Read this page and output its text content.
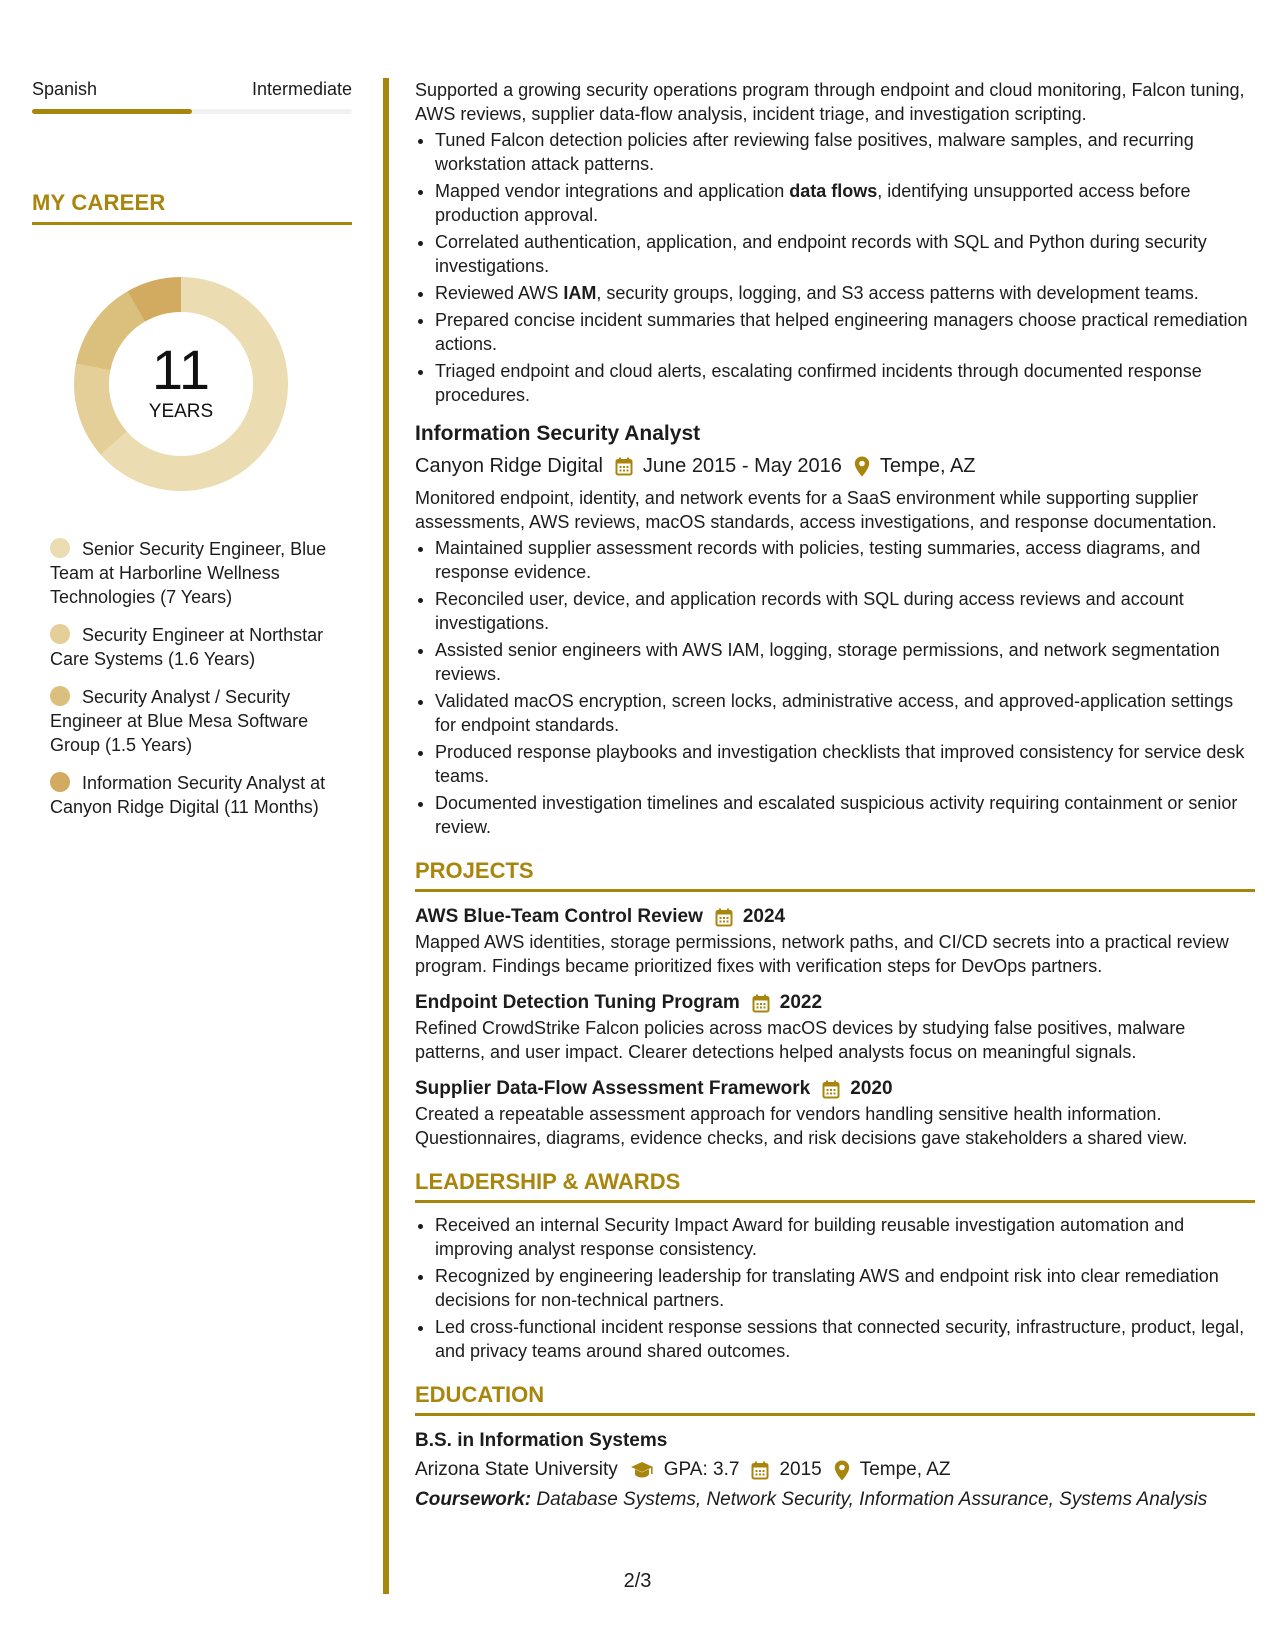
Spanish	Intermediate
MY CAREER
11
YEARS
Senior Security Engineer, Blue Team at Harborline Wellness Technologies (7 Years)
Security Engineer at Northstar Care Systems (1.6 Years)
Security Analyst / Security Engineer at Blue Mesa Software Group (1.5 Years)
Information Security Analyst at Canyon Ridge Digital (11 Months)

Supported a growing security operations program through endpoint and cloud monitoring, Falcon tuning, AWS reviews, supplier data-flow analysis, incident triage, and investigation scripting.

• Tuned Falcon detection policies after reviewing false positives, malware samples, and recurring workstation attack patterns.
• Mapped vendor integrations and application data flows, identifying unsupported access before production approval.
• Correlated authentication, application, and endpoint records with SQL and Python during security investigations.
• Reviewed AWS IAM, security groups, logging, and S3 access patterns with development teams.
• Prepared concise incident summaries that helped engineering managers choose practical remediation actions.
• Triaged endpoint and cloud alerts, escalating confirmed incidents through documented response procedures.
Information Security Analyst
Canyon Ridge Digital June 2015 - May 2016 Tempe, AZ

Monitored endpoint, identity, and network events for a SaaS environment while supporting supplier assessments, AWS reviews, macOS standards, access investigations, and response documentation.

• Maintained supplier assessment records with policies, testing summaries, access diagrams, and response evidence.
• Reconciled user, device, and application records with SQL during access reviews and account investigations.
• Assisted senior engineers with AWS IAM, logging, storage permissions, and network segmentation reviews.
• Validated macOS encryption, screen locks, administrative access, and approved-application settings for endpoint standards.
• Produced response playbooks and investigation checklists that improved consistency for service desk teams.
• Documented investigation timelines and escalated suspicious activity requiring containment or senior review.
PROJECTS
AWS Blue-Team Control Review 2024

Mapped AWS identities, storage permissions, network paths, and CI/CD secrets into a practical review program. Findings became prioritized fixes with verification steps for DevOps partners.

Endpoint Detection Tuning Program 2022

Refined CrowdStrike Falcon policies across macOS devices by studying false positives, malware patterns, and user impact. Clearer detections helped analysts focus on meaningful signals.

Supplier Data-Flow Assessment Framework 2020

Created a repeatable assessment approach for vendors handling sensitive health information. Questionnaires, diagrams, evidence checks, and risk decisions gave stakeholders a shared view.

LEADERSHIP & AWARDS
• Received an internal Security Impact Award for building reusable investigation automation and improving analyst response consistency.
• Recognized by engineering leadership for translating AWS and endpoint risk into clear remediation decisions for non-technical partners.
• Led cross-functional incident response sessions that connected security, infrastructure, product, legal, and privacy teams around shared outcomes.
EDUCATION
B.S. in Information Systems
Arizona State University GPA: 3.7 2015 Tempe, AZ
Coursework: Database Systems, Network Security, Information Assurance, Systems Analysis
2/3
